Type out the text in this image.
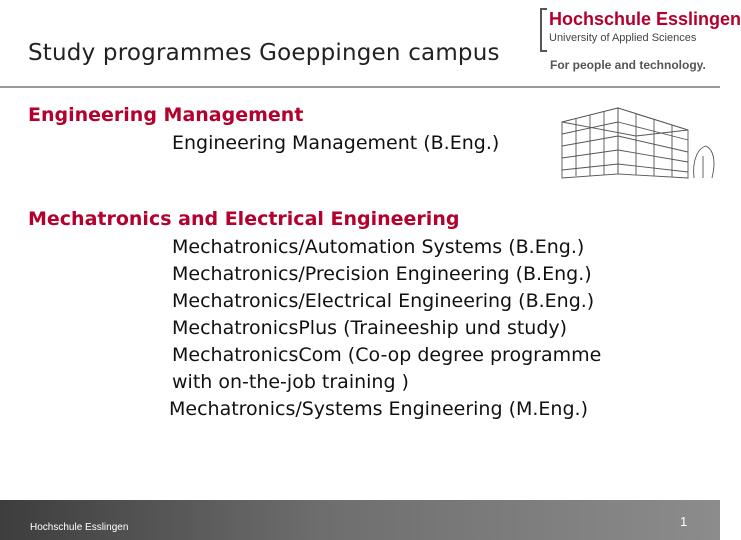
Study programmes Goeppingen campus
Hochschule Esslingen
University of Applied Sciences
For people and technology.
Engineering Management
Engineering Management (B.Eng.)
Mechatronics and Electrical Engineering
Mechatronics/Automation Systems (B.Eng.)
Mechatronics/Precision Engineering (B.Eng.)
Mechatronics/Electrical Engineering (B.Eng.)
MechatronicsPlus (Traineeship und study)
MechatronicsCom (Co-op degree programme
with on-the-job training )
Mechatronics/Systems Engineering (M.Eng.)
Hochschule Esslingen	1
